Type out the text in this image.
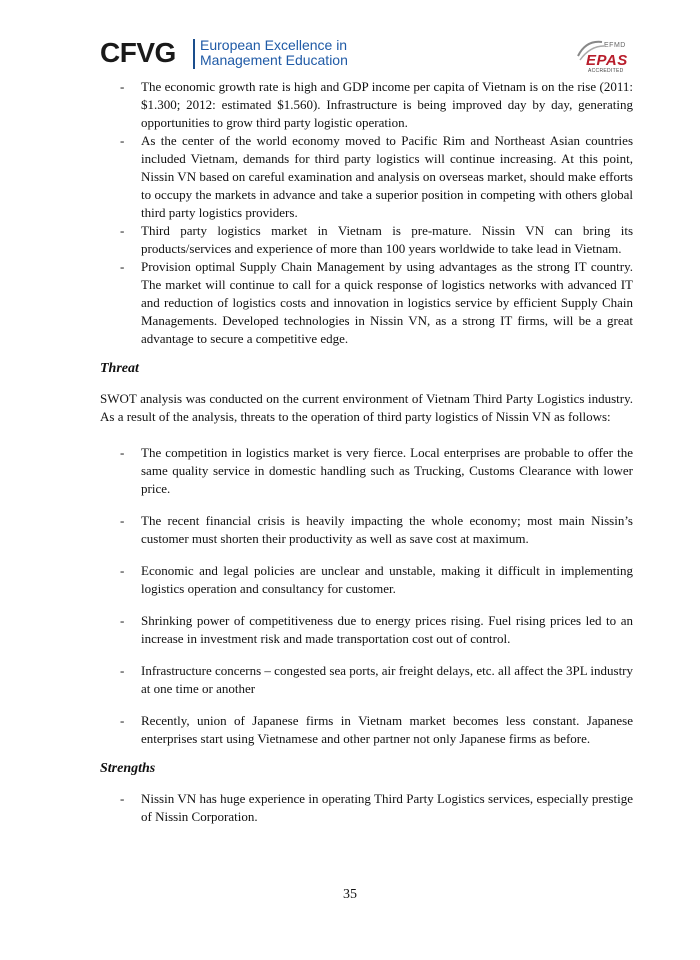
CFVG European Excellence in
Management Education
EFMD
EPAS
ACCREDITED
- The economic growth rate is high and GDP income per capita of Vietnam is on the rise (2011: $1.300; 2012: estimated $1.560). Infrastructure is being improved day by day, generating opportunities to grow third party logistic operation.
- As the center of the world economy moved to Pacific Rim and Northeast Asian countries included Vietnam, demands for third party logistics will continue increasing. At this point, Nissin VN based on careful examination and analysis on overseas market, should make efforts to occupy the markets in advance and take a superior position in competing with others global third party logistics providers.
- Third party logistics market in Vietnam is pre-mature. Nissin VN can bring its products/services and experience of more than 100 years worldwide to take lead in Vietnam.
- Provision optimal Supply Chain Management by using advantages as the strong IT country. The market will continue to call for a quick response of logistics networks with advanced IT and reduction of logistics costs and innovation in logistics service by efficient Supply Chain Managements. Developed technologies in Nissin VN, as a strong IT firms, will be a great advantage to secure a competitive edge.
Threat

SWOT analysis was conducted on the current environment of Vietnam Third Party Logistics industry. As a result of the analysis, threats to the operation of third party logistics of Nissin VN as follows:

- The competition in logistics market is very fierce. Local enterprises are probable to offer the same quality service in domestic handling such as Trucking, Customs Clearance with lower price.
- The recent financial crisis is heavily impacting the whole economy; most main Nissin’s customer must shorten their productivity as well as save cost at maximum.
- Economic and legal policies are unclear and unstable, making it difficult in implementing logistics operation and consultancy for customer.
- Shrinking power of competitiveness due to energy prices rising. Fuel rising prices led to an increase in investment risk and made transportation cost out of control.
- Infrastructure concerns – congested sea ports, air freight delays, etc. all affect the 3PL industry at one time or another
- Recently, union of Japanese firms in Vietnam market becomes less constant. Japanese enterprises start using Vietnamese and other partner not only Japanese firms as before.
Strengths
- Nissin VN has huge experience in operating Third Party Logistics services, especially prestige of Nissin Corporation.
35
